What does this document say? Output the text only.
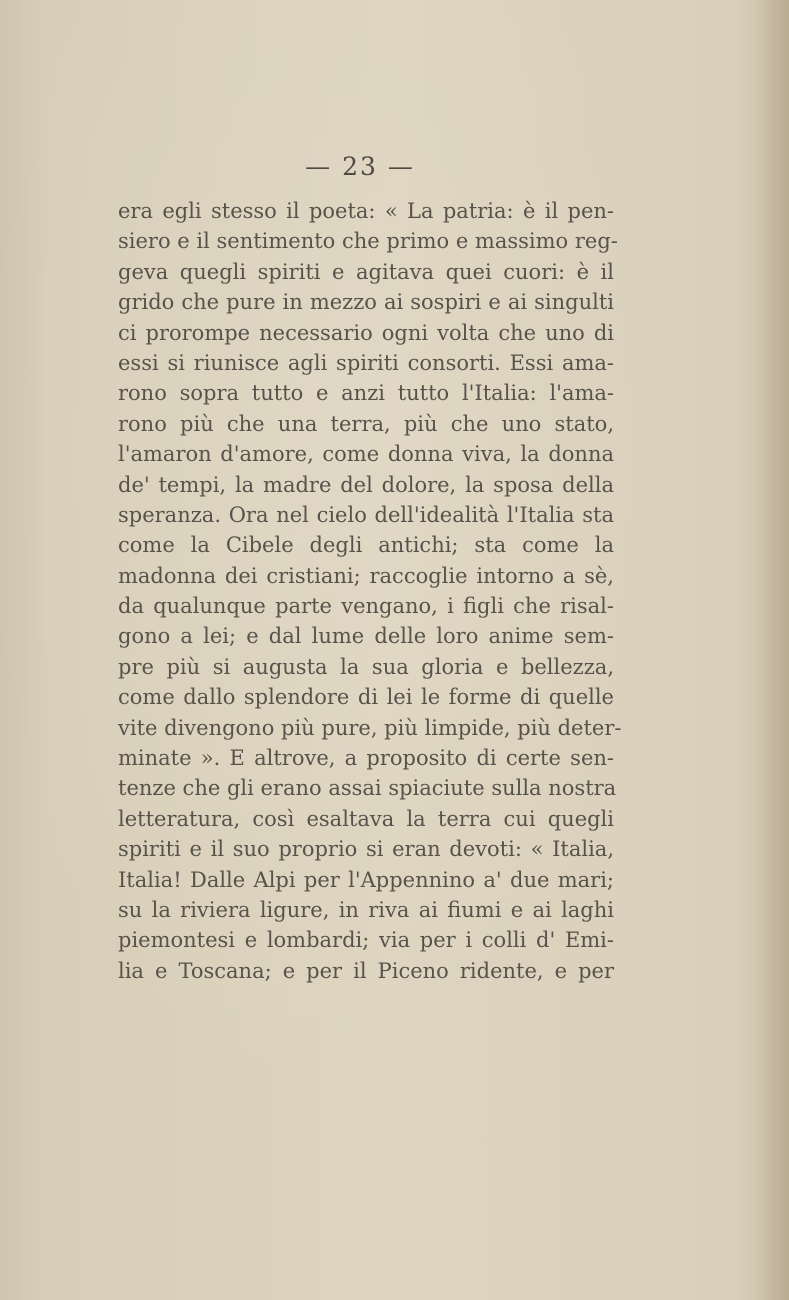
— 23 —
era egli stesso il poeta: « La patria: è il pen-
siero e il sentimento che primo e massimo reg-
geva quegli spiriti e agitava quei cuori: è il
grido che pure in mezzo ai sospiri e ai singulti
ci prorompe necessario ogni volta che uno di
essi si riunisce agli spiriti consorti. Essi ama-
rono sopra tutto e anzi tutto l'Italia: l'ama-
rono più che una terra, più che uno stato,
l'amaron d'amore, come donna viva, la donna
de' tempi, la madre del dolore, la sposa della
speranza. Ora nel cielo dell'idealità l'Italia sta
come la Cibele degli antichi; sta come la
madonna dei cristiani; raccoglie intorno a sè,
da qualunque parte vengano, i figli che risal-
gono a lei; e dal lume delle loro anime sem-
pre più si augusta la sua gloria e bellezza,
come dallo splendore di lei le forme di quelle
vite divengono più pure, più limpide, più deter-
minate ». E altrove, a proposito di certe sen-
tenze che gli erano assai spiaciute sulla nostra
letteratura, così esaltava la terra cui quegli
spiriti e il suo proprio si eran devoti: « Italia,
Italia! Dalle Alpi per l'Appennino a' due mari;
su la riviera ligure, in riva ai fiumi e ai laghi
piemontesi e lombardi; via per i colli d' Emi-
lia e Toscana; e per il Piceno ridente, e per
